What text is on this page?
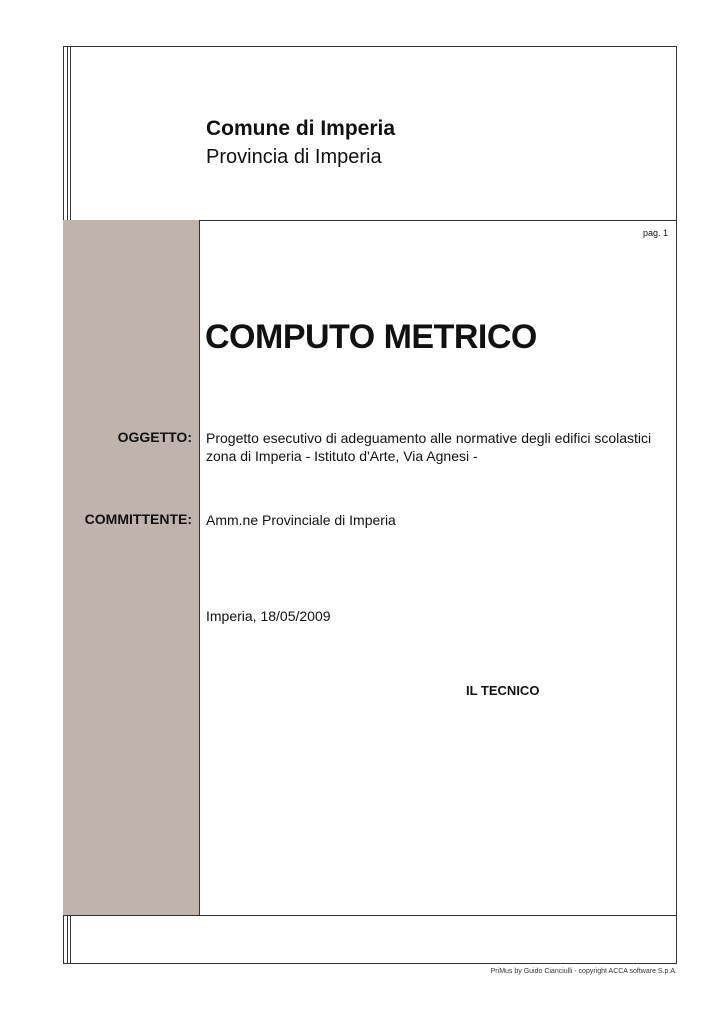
Comune di Imperia
Provincia di Imperia
pag. 1
COMPUTO METRICO
OGGETTO: Progetto esecutivo di adeguamento alle normative degli edifici scolastici
zona di Imperia - Istituto d'Arte, Via Agnesi -
COMMITTENTE: Amm.ne Provinciale di Imperia
Imperia, 18/05/2009
IL TECNICO
PriMus by Guido Cianciulli - copyright ACCA software S.p.A.
